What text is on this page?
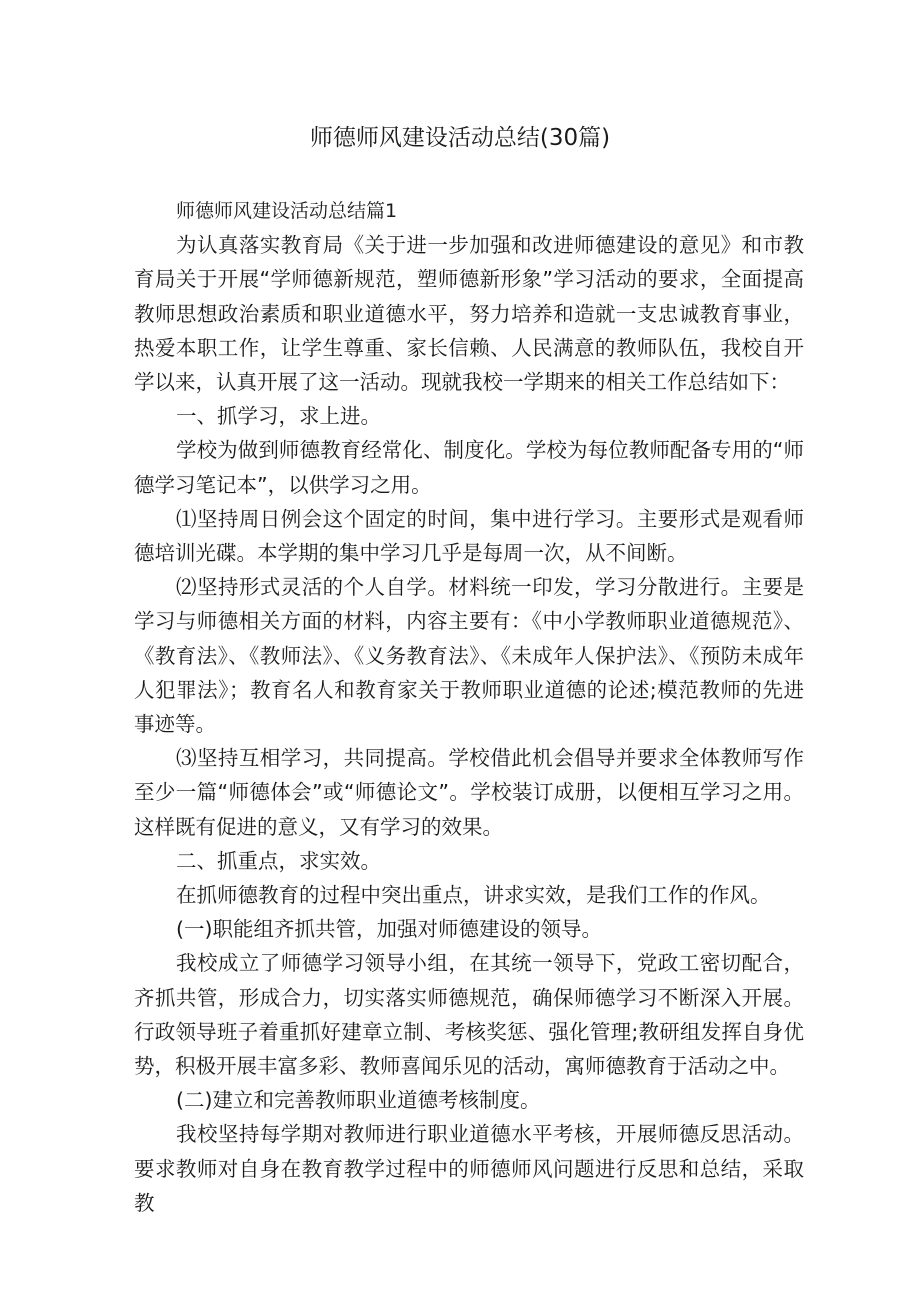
师德师风建设活动总结(30篇)

师德师风建设活动总结篇1

为认真落实教育局《关于进一步加强和改进师德建设的意见》和市教育局关于开展“学师德新规范，塑师德新形象”学习活动的要求，全面提高教师思想政治素质和职业道德水平，努力培养和造就一支忠诚教育事业，热爱本职工作，让学生尊重、家长信赖、人民满意的教师队伍，我校自开学以来，认真开展了这一活动。现就我校一学期来的相关工作总结如下：

一、抓学习，求上进。

学校为做到师德教育经常化、制度化。学校为每位教师配备专用的“师德学习笔记本”，以供学习之用。

⑴坚持周日例会这个固定的时间，集中进行学习。主要形式是观看师德培训光碟。本学期的集中学习几乎是每周一次，从不间断。

⑵坚持形式灵活的个人自学。材料统一印发，学习分散进行。主要是学习与师德相关方面的材料，内容主要有：《中小学教师职业道德规范》、《教育法》、《教师法》、《义务教育法》、《未成年人保护法》、《预防未成年人犯罪法》；教育名人和教育家关于教师职业道德的论述;模范教师的先进事迹等。

⑶坚持互相学习，共同提高。学校借此机会倡导并要求全体教师写作至少一篇“师德体会”或“师德论文”。学校装订成册，以便相互学习之用。这样既有促进的意义，又有学习的效果。

二、抓重点，求实效。

在抓师德教育的过程中突出重点，讲求实效，是我们工作的作风。

(一)职能组齐抓共管，加强对师德建设的领导。

我校成立了师德学习领导小组，在其统一领导下，党政工密切配合，齐抓共管，形成合力，切实落实师德规范，确保师德学习不断深入开展。行政领导班子着重抓好建章立制、考核奖惩、强化管理;教研组发挥自身优势，积极开展丰富多彩、教师喜闻乐见的活动，寓师德教育于活动之中。

(二)建立和完善教师职业道德考核制度。

我校坚持每学期对教师进行职业道德水平考核，开展师德反思活动。要求教师对自身在教育教学过程中的师德师风问题进行反思和总结，采取教
